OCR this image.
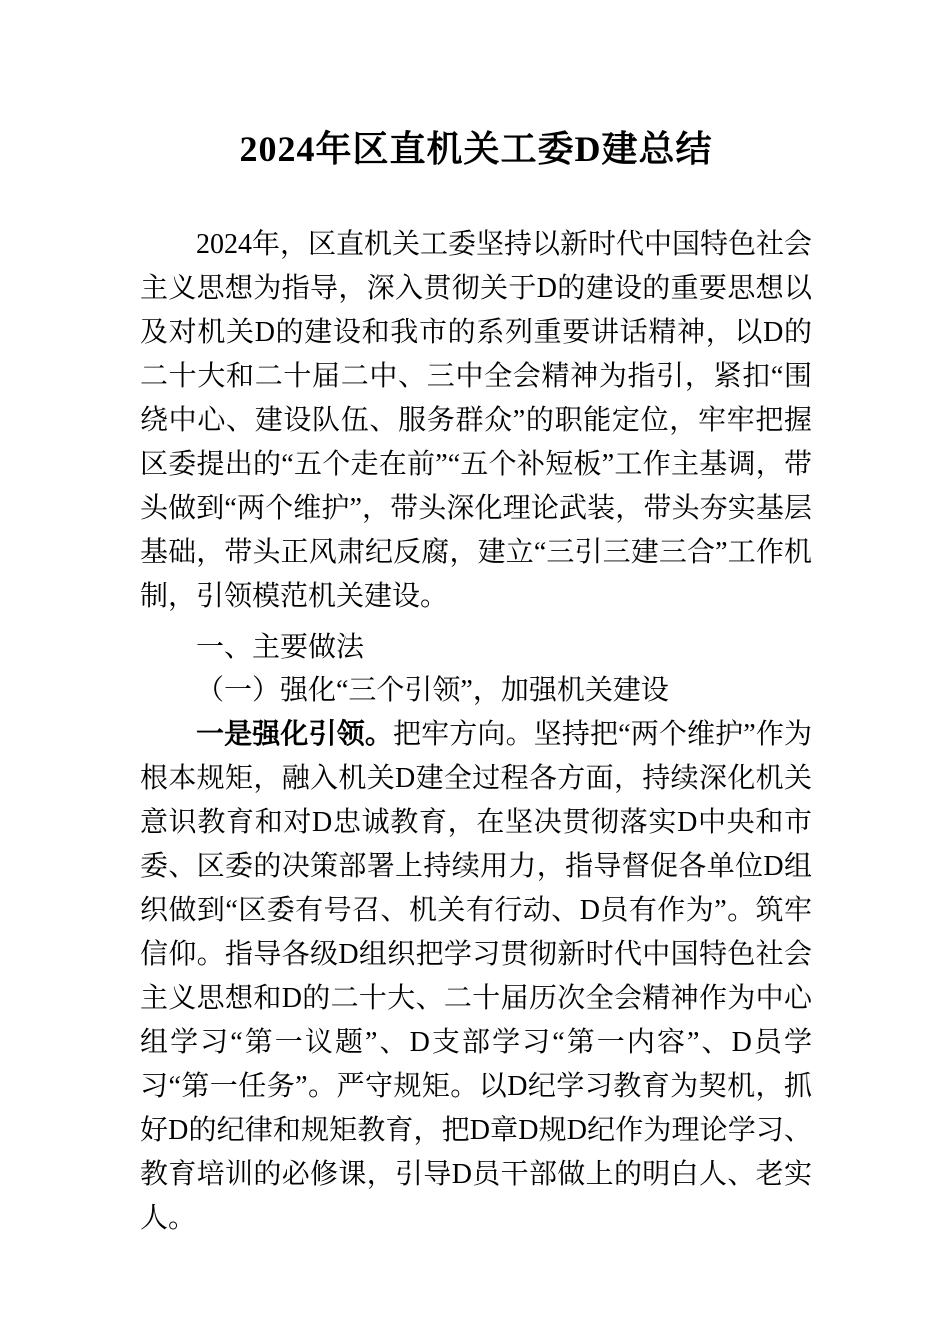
2024年区直机关工委D建总结

2024年，区直机关工委坚持以新时代中国特色社会主义思想为指导，深入贯彻关于D的建设的重要思想以及对机关D的建设和我市的系列重要讲话精神，以D的二十大和二十届二中、三中全会精神为指引，紧扣“围绕中心、建设队伍、服务群众”的职能定位，牢牢把握区委提出的“五个走在前”“五个补短板”工作主基调，带头做到“两个维护”，带头深化理论武装，带头夯实基层基础，带头正风肃纪反腐，建立“三引三建三合”工作机制，引领模范机关建设。

一、主要做法
（一）强化“三个引领”，加强机关建设

一是强化引领。把牢方向。坚持把“两个维护”作为根本规矩，融入机关D建全过程各方面，持续深化机关意识教育和对D忠诚教育，在坚决贯彻落实D中央和市委、区委的决策部署上持续用力，指导督促各单位D组织做到“区委有号召、机关有行动、D员有作为”。筑牢信仰。指导各级D组织把学习贯彻新时代中国特色社会主义思想和D的二十大、二十届历次全会精神作为中心组学习“第一议题”、D支部学习“第一内容”、D员学习“第一任务”。严守规矩。以D纪学习教育为契机，抓好D的纪律和规矩教育，把D章D规D纪作为理论学习、教育培训的必修课，引导D员干部做上的明白人、老实人。
